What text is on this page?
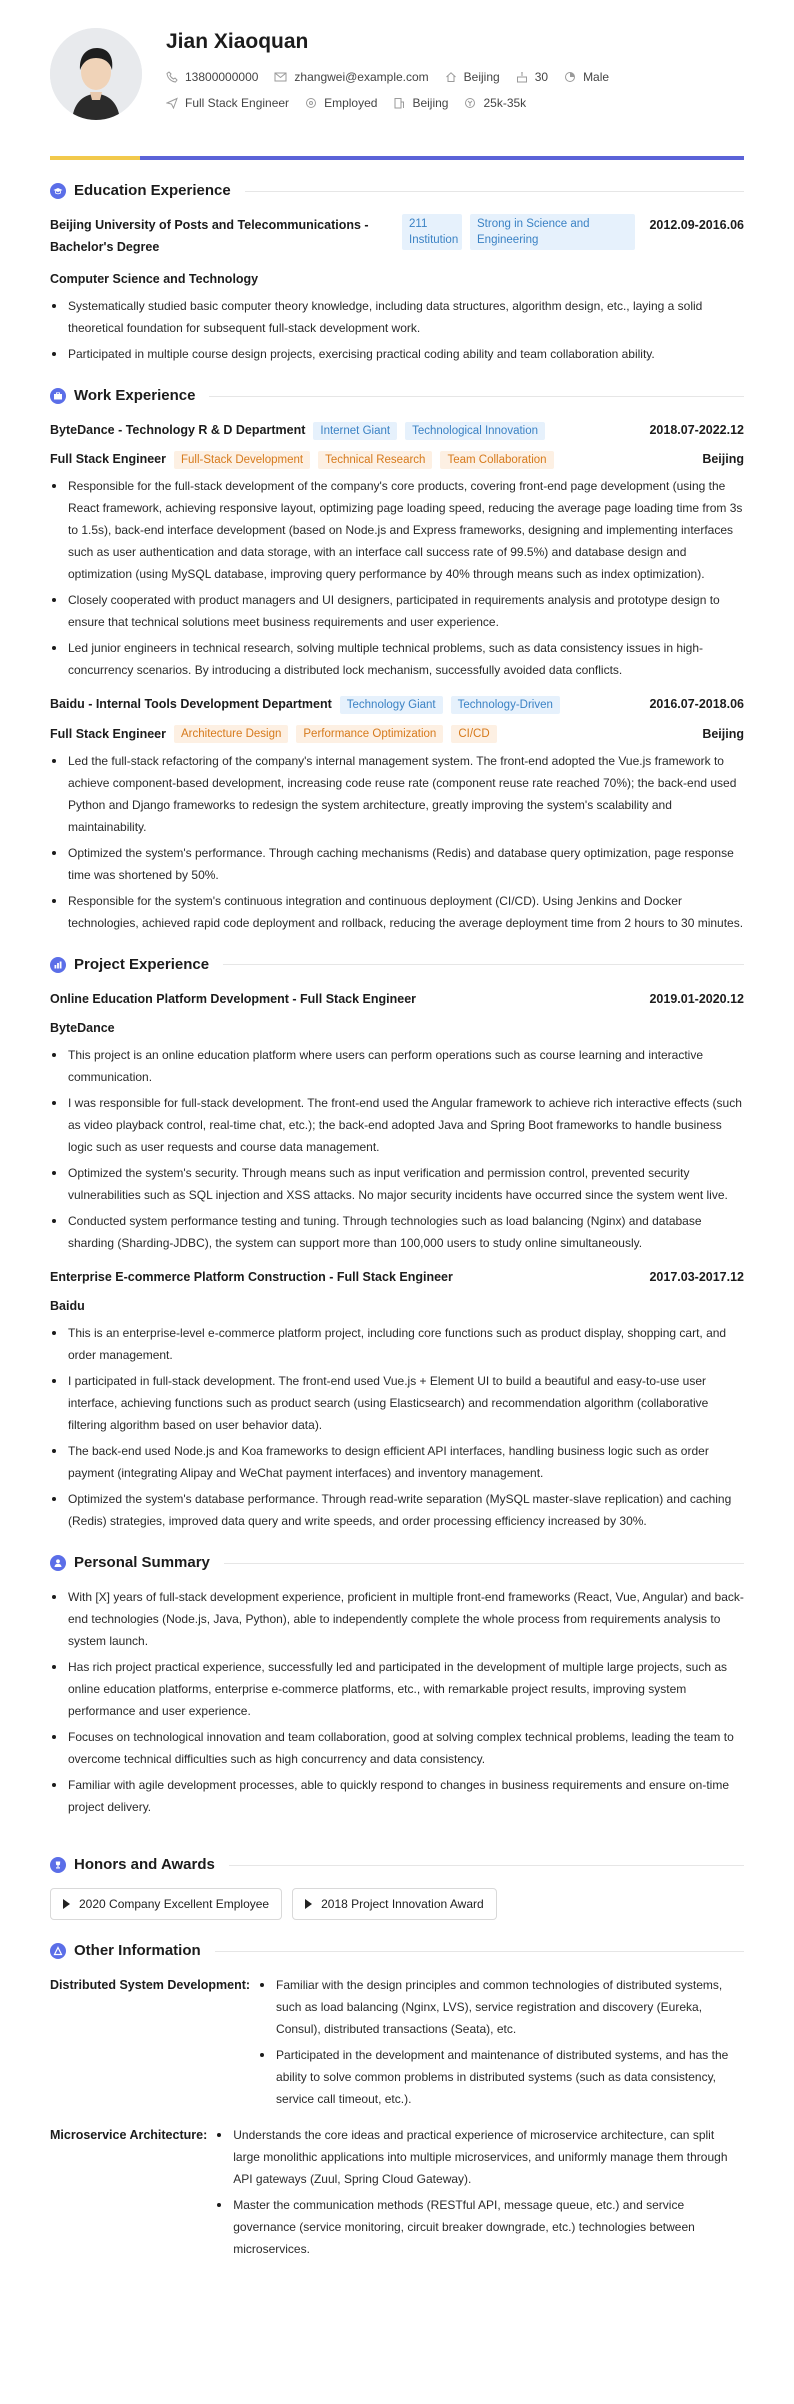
Jian Xiaoquan
13800000000	zhangwei@example.com	Beijing	30	Male
Full Stack Engineer	Employed	Beijing	25k-35k
Education Experience
Beijing University of Posts and Telecommunications - Bachelor's Degree
211 Institution
Strong in Science and Engineering
2012.09-2016.06
Computer Science and Technology
Systematically studied basic computer theory knowledge, including data structures, algorithm design, etc., laying a solid theoretical foundation for subsequent full-stack development work.
Participated in multiple course design projects, exercising practical coding ability and team collaboration ability.
Work Experience
ByteDance - Technology R & D Department	Internet Giant	Technological Innovation	2018.07-2022.12
Full Stack Engineer	Full-Stack Development	Technical Research	Team Collaboration	Beijing
Responsible for the full-stack development of the company's core products, covering front-end page development (using the React framework, achieving responsive layout, optimizing page loading speed, reducing the average page loading time from 3s to 1.5s), back-end interface development (based on Node.js and Express frameworks, designing and implementing interfaces such as user authentication and data storage, with an interface call success rate of 99.5%) and database design and optimization (using MySQL database, improving query performance by 40% through means such as index optimization).
Closely cooperated with product managers and UI designers, participated in requirements analysis and prototype design to ensure that technical solutions meet business requirements and user experience.
Led junior engineers in technical research, solving multiple technical problems, such as data consistency issues in high-concurrency scenarios. By introducing a distributed lock mechanism, successfully avoided data conflicts.
Baidu - Internal Tools Development Department	Technology Giant	Technology-Driven	2016.07-2018.06
Full Stack Engineer	Architecture Design	Performance Optimization	CI/CD	Beijing
Led the full-stack refactoring of the company's internal management system. The front-end adopted the Vue.js framework to achieve component-based development, increasing code reuse rate (component reuse rate reached 70%); the back-end used Python and Django frameworks to redesign the system architecture, greatly improving the system's scalability and maintainability.
Optimized the system's performance. Through caching mechanisms (Redis) and database query optimization, page response time was shortened by 50%.
Responsible for the system's continuous integration and continuous deployment (CI/CD). Using Jenkins and Docker technologies, achieved rapid code deployment and rollback, reducing the average deployment time from 2 hours to 30 minutes.
Project Experience
Online Education Platform Development - Full Stack Engineer	2019.01-2020.12
ByteDance
This project is an online education platform where users can perform operations such as course learning and interactive communication.
I was responsible for full-stack development. The front-end used the Angular framework to achieve rich interactive effects (such as video playback control, real-time chat, etc.); the back-end adopted Java and Spring Boot frameworks to handle business logic such as user requests and course data management.
Optimized the system's security. Through means such as input verification and permission control, prevented security vulnerabilities such as SQL injection and XSS attacks. No major security incidents have occurred since the system went live.
Conducted system performance testing and tuning. Through technologies such as load balancing (Nginx) and database sharding (Sharding-JDBC), the system can support more than 100,000 users to study online simultaneously.
Enterprise E-commerce Platform Construction - Full Stack Engineer	2017.03-2017.12
Baidu
This is an enterprise-level e-commerce platform project, including core functions such as product display, shopping cart, and order management.
I participated in full-stack development. The front-end used Vue.js + Element UI to build a beautiful and easy-to-use user interface, achieving functions such as product search (using Elasticsearch) and recommendation algorithm (collaborative filtering algorithm based on user behavior data).
The back-end used Node.js and Koa frameworks to design efficient API interfaces, handling business logic such as order payment (integrating Alipay and WeChat payment interfaces) and inventory management.
Optimized the system's database performance. Through read-write separation (MySQL master-slave replication) and caching (Redis) strategies, improved data query and write speeds, and order processing efficiency increased by 30%.
Personal Summary
With [X] years of full-stack development experience, proficient in multiple front-end frameworks (React, Vue, Angular) and back-end technologies (Node.js, Java, Python), able to independently complete the whole process from requirements analysis to system launch.
Has rich project practical experience, successfully led and participated in the development of multiple large projects, such as online education platforms, enterprise e-commerce platforms, etc., with remarkable project results, improving system performance and user experience.
Focuses on technological innovation and team collaboration, good at solving complex technical problems, leading the team to overcome technical difficulties such as high concurrency and data consistency.
Familiar with agile development processes, able to quickly respond to changes in business requirements and ensure on-time project delivery.
Honors and Awards
2020 Company Excellent Employee	2018 Project Innovation Award
Other Information
Distributed System Development:	Familiar with the design principles and common technologies of distributed systems, such as load balancing (Nginx, LVS), service registration and discovery (Eureka, Consul), distributed transactions (Seata), etc.
Participated in the development and maintenance of distributed systems, and has the ability to solve common problems in distributed systems (such as data consistency, service call timeout, etc.).
Microservice Architecture:	Understands the core ideas and practical experience of microservice architecture, can split large monolithic applications into multiple microservices, and uniformly manage them through API gateways (Zuul, Spring Cloud Gateway).
Master the communication methods (RESTful API, message queue, etc.) and service governance (service monitoring, circuit breaker downgrade, etc.) technologies between microservices.
